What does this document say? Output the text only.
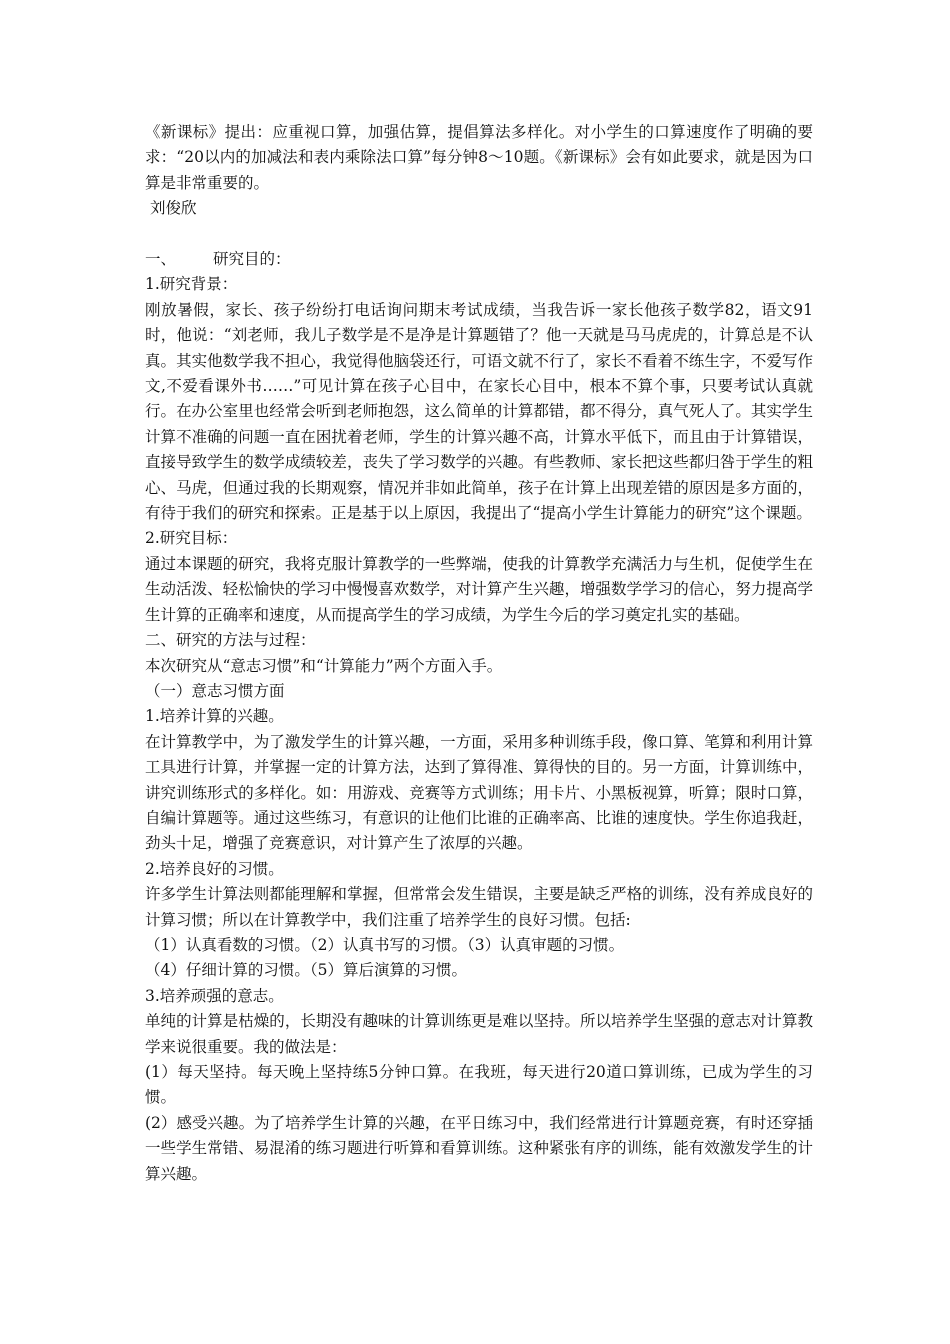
《新课标》提出：应重视口算，加强估算，提倡算法多样化。对小学生的口算速度作了明确的要求：“20以内的加减法和表内乘除法口算”每分钟8～10题。《新课标》会有如此要求，就是因为口算是非常重要的。

刘俊欣

一、 研究目的：

1.研究背景：

刚放暑假，家长、孩子纷纷打电话询问期末考试成绩，当我告诉一家长他孩子数学82，语文91时，他说：“刘老师，我儿子数学是不是净是计算题错了？他一天就是马马虎虎的，计算总是不认真。其实他数学我不担心，我觉得他脑袋还行，可语文就不行了，家长不看着不练生字，不爱写作文,不爱看课外书……”可见计算在孩子心目中，在家长心目中，根本不算个事，只要考试认真就行。在办公室里也经常会听到老师抱怨，这么简单的计算都错，都不得分，真气死人了。其实学生计算不准确的问题一直在困扰着老师，学生的计算兴趣不高，计算水平低下，而且由于计算错误，直接导致学生的数学成绩较差，丧失了学习数学的兴趣。有些教师、家长把这些都归咎于学生的粗心、马虎，但通过我的长期观察，情况并非如此简单，孩子在计算上出现差错的原因是多方面的，有待于我们的研究和探索。正是基于以上原因，我提出了“提高小学生计算能力的研究”这个课题。

2.研究目标：

通过本课题的研究，我将克服计算教学的一些弊端，使我的计算教学充满活力与生机，促使学生在生动活泼、轻松愉快的学习中慢慢喜欢数学，对计算产生兴趣，增强数学学习的信心，努力提高学生计算的正确率和速度，从而提高学生的学习成绩，为学生今后的学习奠定扎实的基础。

二、研究的方法与过程：

本次研究从“意志习惯”和“计算能力”两个方面入手。

（一）意志习惯方面

1.培养计算的兴趣。

在计算教学中，为了激发学生的计算兴趣，一方面，采用多种训练手段，像口算、笔算和利用计算工具进行计算，并掌握一定的计算方法，达到了算得准、算得快的目的。另一方面，计算训练中，讲究训练形式的多样化。如：用游戏、竞赛等方式训练；用卡片、小黑板视算，听算；限时口算，自编计算题等。通过这些练习，有意识的让他们比谁的正确率高、比谁的速度快。学生你追我赶，劲头十足，增强了竞赛意识，对计算产生了浓厚的兴趣。

2.培养良好的习惯。

许多学生计算法则都能理解和掌握，但常常会发生错误，主要是缺乏严格的训练，没有养成良好的计算习惯；所以在计算教学中，我们注重了培养学生的良好习惯。包括:

（1）认真看数的习惯。（2）认真书写的习惯。（3）认真审题的习惯。

（4）仔细计算的习惯。（5）算后演算的习惯。

3.培养顽强的意志。

单纯的计算是枯燥的，长期没有趣味的计算训练更是难以坚持。所以培养学生坚强的意志对计算教学来说很重要。我的做法是：

(1）每天坚持。每天晚上坚持练5分钟口算。在我班，每天进行20道口算训练，已成为学生的习惯。

(2）感受兴趣。为了培养学生计算的兴趣，在平日练习中，我们经常进行计算题竞赛，有时还穿插一些学生常错、易混淆的练习题进行听算和看算训练。这种紧张有序的训练，能有效激发学生的计算兴趣。
